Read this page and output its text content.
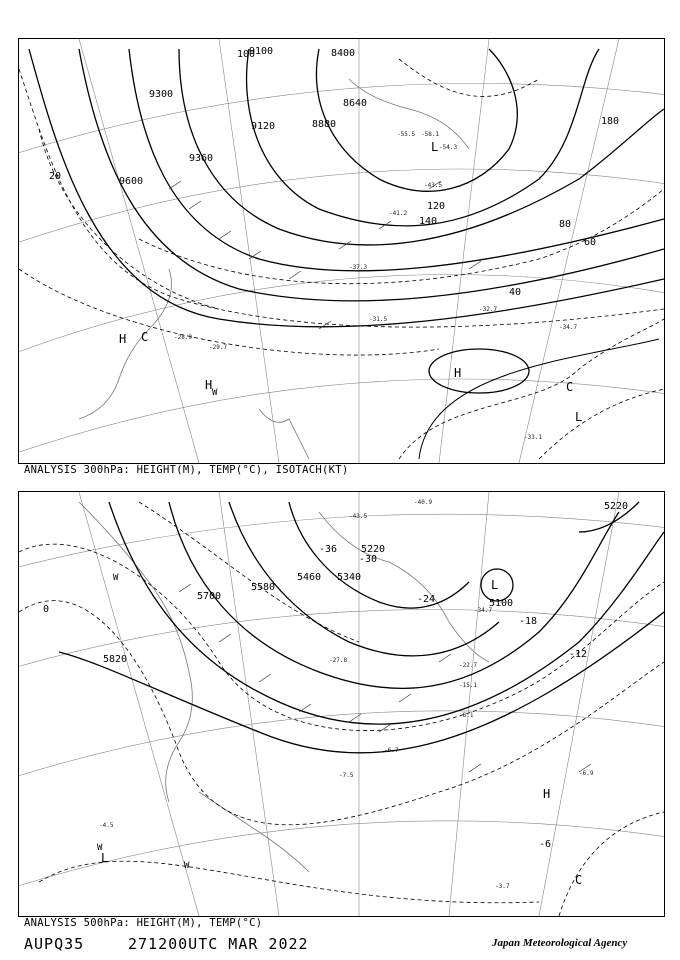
9600
9120	8880
8640
9360
8400
9100
9300
20
40
60
80
100
120
140
180
H C
H
W
L
H
L
C
-54.3
-58.1
-55.5
-43.5
-41.2
-37.3
-31.5
-32.7
-34.7
-29.7
-28.9
-33.1
ANALYSIS 300hPa: HEIGHT(M), TEMP(°C), ISOTACH(KT)
5820
5700
5580
5460 5340
5220
5100
5220
0
-6
-12
-18
-24
-30
-36
W
W
L
W
L
H
C
-40.9
-43.5
-34.7
-27.8
-22.7
-15.1
-8.1
-7.5
-6.7
-4.5
-3.7
-6.9
ANALYSIS 500hPa: HEIGHT(M), TEMP(°C)
AUPQ35	271200UTC MAR 2022	Japan Meteorological Agency
